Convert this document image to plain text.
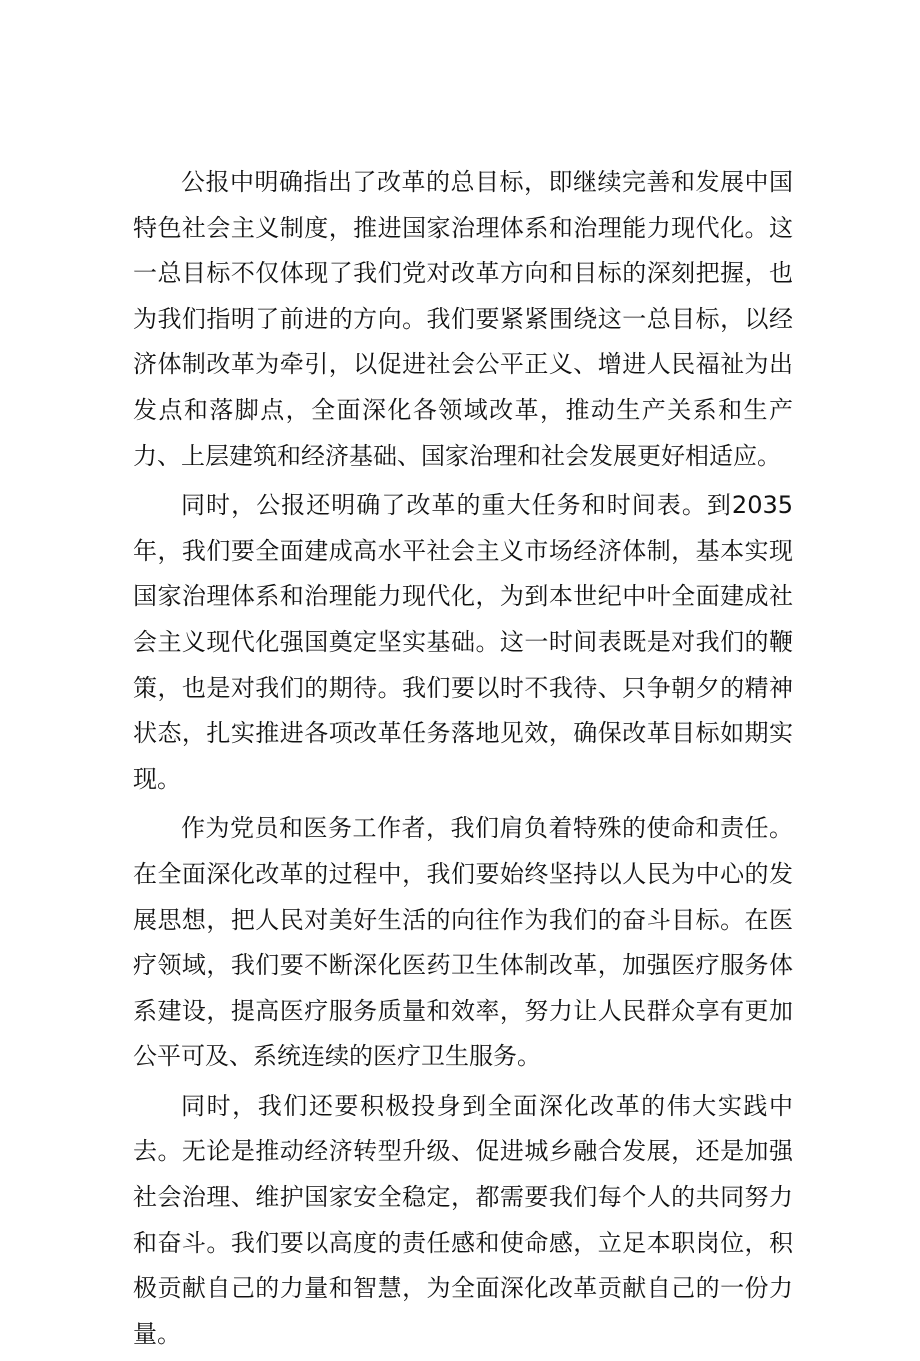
公报中明确指出了改革的总目标，即继续完善和发展中国特色社会主义制度，推进国家治理体系和治理能力现代化。这一总目标不仅体现了我们党对改革方向和目标的深刻把握，也为我们指明了前进的方向。我们要紧紧围绕这一总目标，以经济体制改革为牵引，以促进社会公平正义、增进人民福祉为出发点和落脚点，全面深化各领域改革，推动生产关系和生产力、上层建筑和经济基础、国家治理和社会发展更好相适应。

同时，公报还明确了改革的重大任务和时间表。到2035年，我们要全面建成高水平社会主义市场经济体制，基本实现国家治理体系和治理能力现代化，为到本世纪中叶全面建成社会主义现代化强国奠定坚实基础。这一时间表既是对我们的鞭策，也是对我们的期待。我们要以时不我待、只争朝夕的精神状态，扎实推进各项改革任务落地见效，确保改革目标如期实现。

作为党员和医务工作者，我们肩负着特殊的使命和责任。在全面深化改革的过程中，我们要始终坚持以人民为中心的发展思想，把人民对美好生活的向往作为我们的奋斗目标。在医疗领域，我们要不断深化医药卫生体制改革，加强医疗服务体系建设，提高医疗服务质量和效率，努力让人民群众享有更加公平可及、系统连续的医疗卫生服务。

同时，我们还要积极投身到全面深化改革的伟大实践中去。无论是推动经济转型升级、促进城乡融合发展，还是加强社会治理、维护国家安全稳定，都需要我们每个人的共同努力和奋斗。我们要以高度的责任感和使命感，立足本职岗位，积极贡献自己的力量和智慧，为全面深化改革贡献自己的一份力量。
